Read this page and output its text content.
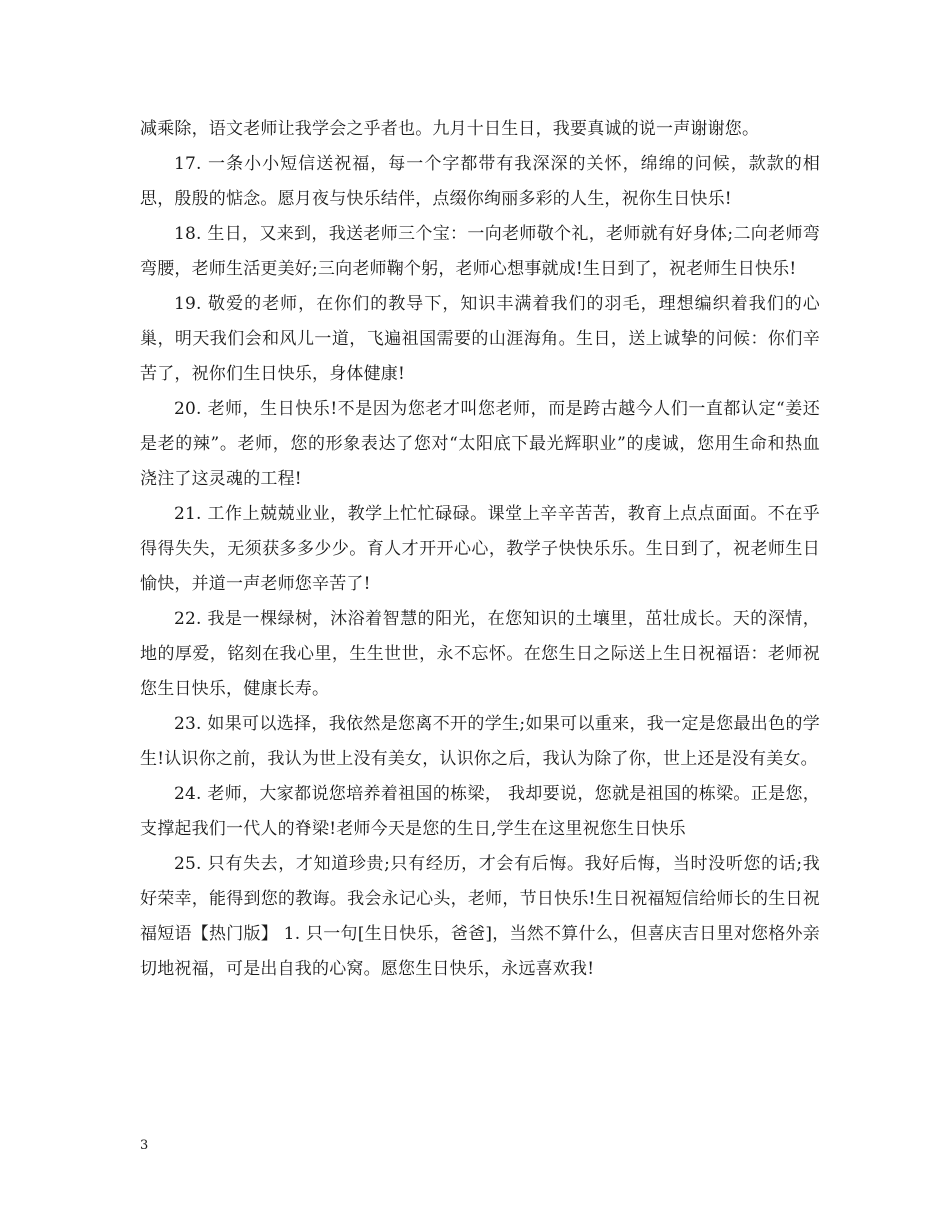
减乘除，语文老师让我学会之乎者也。九月十日生日，我要真诚的说一声谢谢您。

17. 一条小小短信送祝福，每一个字都带有我深深的关怀，绵绵的问候，款款的相思，殷殷的惦念。愿月夜与快乐结伴，点缀你绚丽多彩的人生，祝你生日快乐!

18. 生日，又来到，我送老师三个宝：一向老师敬个礼，老师就有好身体;二向老师弯弯腰，老师生活更美好;三向老师鞠个躬，老师心想事就成!生日到了，祝老师生日快乐!

19. 敬爱的老师，在你们的教导下，知识丰满着我们的羽毛，理想编织着我们的心巢，明天我们会和风儿一道，飞遍祖国需要的山涯海角。生日，送上诚挚的问候：你们辛苦了，祝你们生日快乐，身体健康!

20. 老师，生日快乐!不是因为您老才叫您老师，而是跨古越今人们一直都认定“姜还是老的辣”。老师，您的形象表达了您对“太阳底下最光辉职业”的虔诚，您用生命和热血浇注了这灵魂的工程!

21. 工作上兢兢业业，教学上忙忙碌碌。课堂上辛辛苦苦，教育上点点面面。不在乎得得失失，无须获多多少少。育人才开开心心，教学子快快乐乐。生日到了，祝老师生日愉快，并道一声老师您辛苦了!

22. 我是一棵绿树，沐浴着智慧的阳光，在您知识的土壤里，茁壮成长。天的深情，地的厚爱，铭刻在我心里，生生世世，永不忘怀。在您生日之际送上生日祝福语：老师祝您生日快乐，健康长寿。

23. 如果可以选择，我依然是您离不开的学生;如果可以重来，我一定是您最出色的学生!认识你之前，我认为世上没有美女，认识你之后，我认为除了你，世上还是没有美女。

24. 老师，大家都说您培养着祖国的栋梁， 我却要说，您就是祖国的栋梁。正是您，支撑起我们一代人的脊梁!老师今天是您的生日,学生在这里祝您生日快乐

25. 只有失去，才知道珍贵;只有经历，才会有后悔。我好后悔，当时没听您的话;我好荣幸，能得到您的教诲。我会永记心头，老师，节日快乐!生日祝福短信给师长的生日祝福短语【热门版】 1. 只一句[生日快乐，爸爸]，当然不算什么，但喜庆吉日里对您格外亲切地祝福，可是出自我的心窝。愿您生日快乐，永远喜欢我!

3
